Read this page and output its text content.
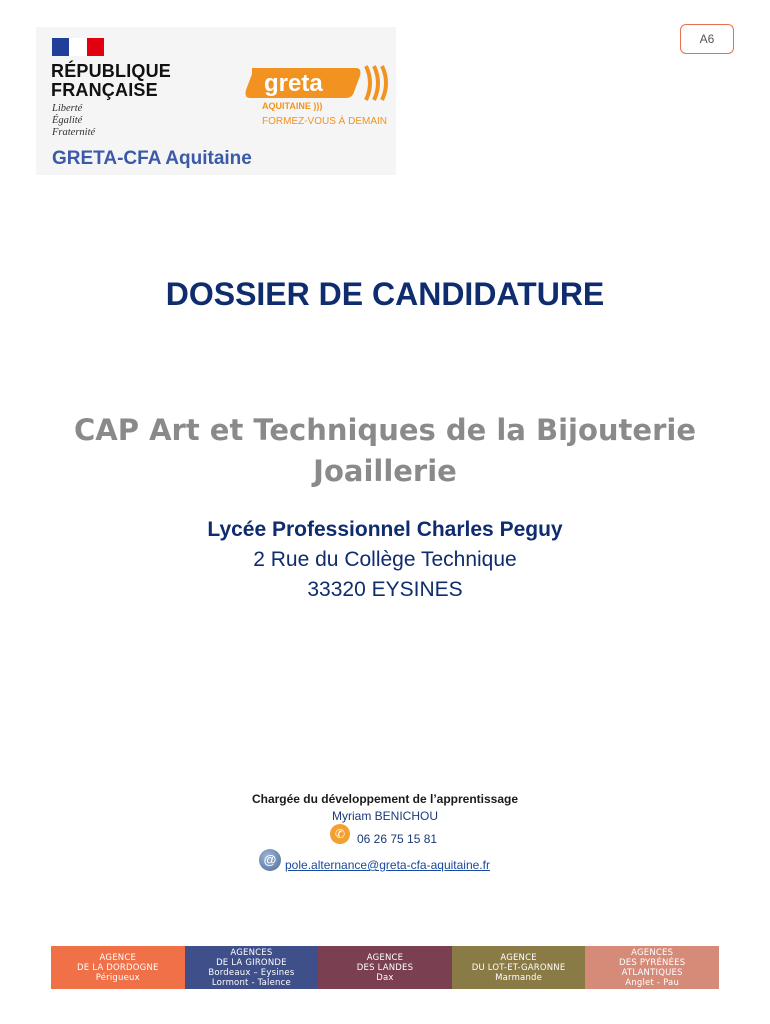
RÉPUBLIQUE
FRANÇAISE
Liberté
Égalité
Fraternité
GRETA-CFA Aquitaine
greta
AQUITAINE )))
FORMEZ-VOUS À DEMAIN
A6
DOSSIER DE CANDIDATURE
CAP Art et Techniques de la Bijouterie
Joaillerie
Lycée Professionnel Charles Peguy
2 Rue du Collège Technique
33320 EYSINES
Chargée du développement de l’apprentissage
Myriam BENICHOU
✆ 06 26 75 15 81
@ pole.alternance@greta-cfa-aquitaine.fr
AGENCE
DE LA DORDOGNE
Périgueux
AGENCES
DE LA GIRONDE
Bordeaux – Eysines
Lormont - Talence
AGENCE
DES LANDES
Dax
AGENCE
DU LOT-ET-GARONNE
Marmande
AGENCES
DES PYRÉNÉES
ATLANTIQUES
Anglet - Pau
